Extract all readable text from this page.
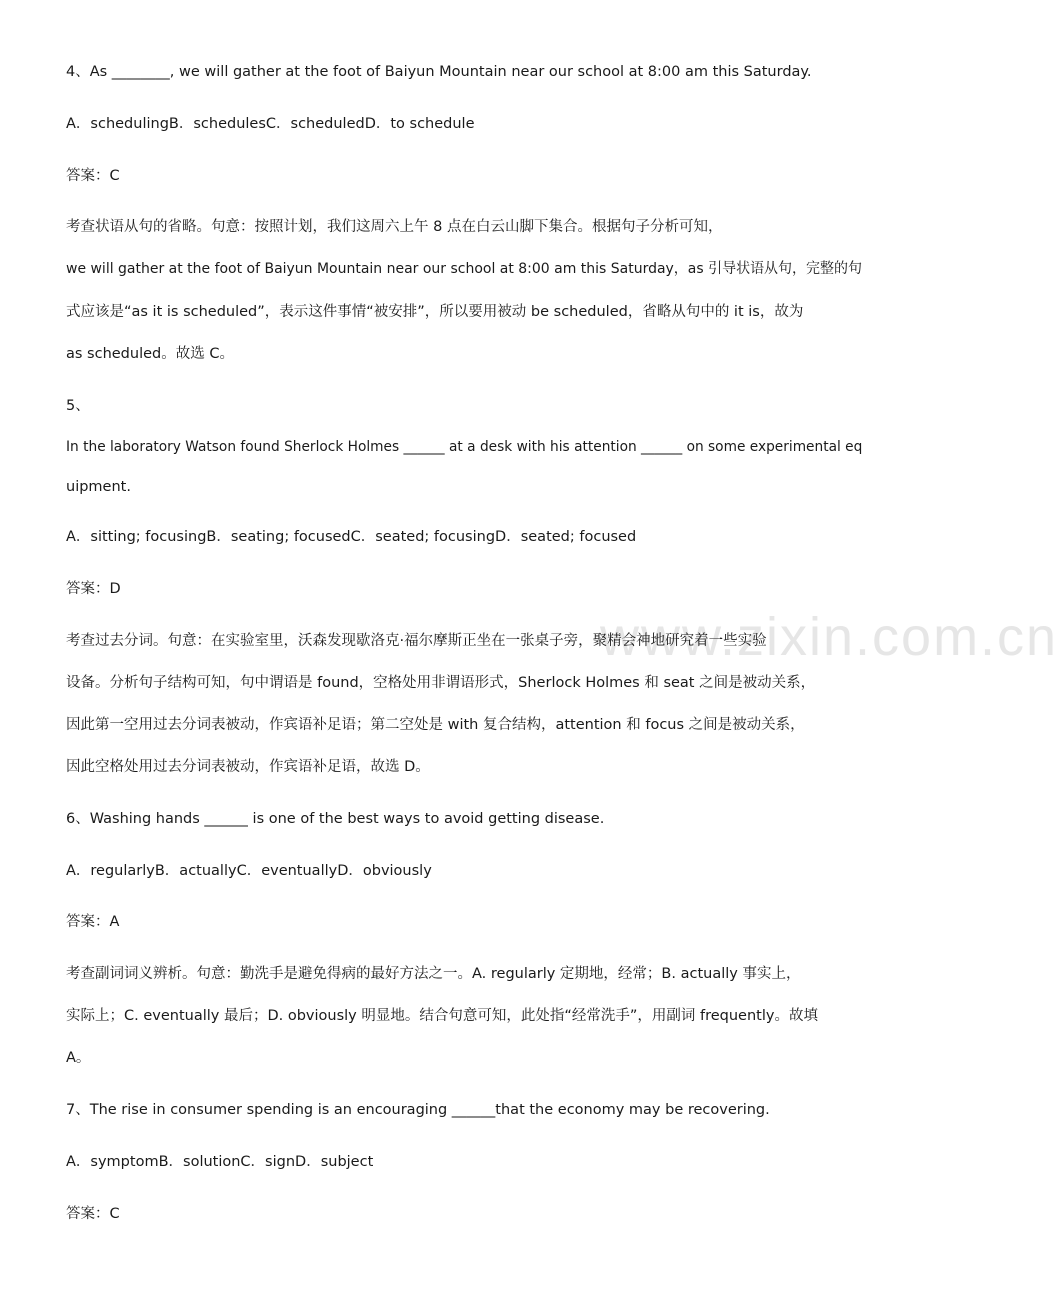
www.zixin.com.cn
4、As ________, we will gather at the foot of Baiyun Mountain near our school at 8:00 am this Saturday.
A．schedulingB．schedulesC．scheduledD．to schedule
答案：C
考查状语从句的省略。句意：按照计划，我们这周六上午 8 点在白云山脚下集合。根据句子分析可知，
we will gather at the foot of Baiyun Mountain near our school at 8:00 am this Saturday，as 引导状语从句，完整的句
式应该是“as it is scheduled”，表示这件事情“被安排”，所以要用被动 be scheduled，省略从句中的 it is，故为
as scheduled。故选 C。
5、
In the laboratory Watson found Sherlock Holmes ______ at a desk with his attention ______ on some experimental eq
uipment.
A．sitting; focusingB．seating; focusedC．seated; focusingD．seated; focused
答案：D
考查过去分词。句意：在实验室里，沃森发现歇洛克·福尔摩斯正坐在一张桌子旁，聚精会神地研究着一些实验
设备。分析句子结构可知，句中谓语是 found，空格处用非谓语形式，Sherlock Holmes 和 seat 之间是被动关系，
因此第一空用过去分词表被动，作宾语补足语；第二空处是 with 复合结构，attention 和 focus 之间是被动关系，
因此空格处用过去分词表被动，作宾语补足语，故选 D。
6、Washing hands ______ is one of the best ways to avoid getting disease.
A．regularlyB．actuallyC．eventuallyD．obviously
答案：A
考查副词词义辨析。句意：勤洗手是避免得病的最好方法之一。A. regularly 定期地，经常；B. actually 事实上，
实际上；C. eventually 最后；D. obviously 明显地。结合句意可知，此处指“经常洗手”，用副词 frequently。故填
A。
7、The rise in consumer spending is an encouraging ______that the economy may be recovering.
A．symptomB．solutionC．signD．subject
答案：C
